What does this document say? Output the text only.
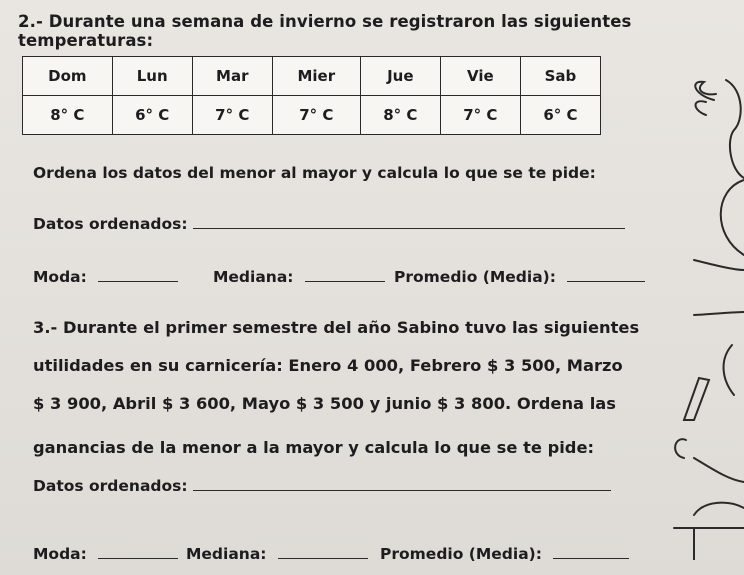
2.- Durante una semana de invierno se registraron las siguientes temperaturas:
Dom	Lun	Mar	Mier	Jue	Vie	Sab
8° C	6° C	7° C	7° C	8° C	7° C	6° C
Ordena los datos del menor al mayor y calcula lo que se te pide:
Datos ordenados:
Moda:	Mediana:	Promedio (Media):
3.- Durante el primer semestre del año Sabino tuvo las siguientes
utilidades en su carnicería: Enero 4 000, Febrero $ 3 500, Marzo
$ 3 900, Abril $ 3 600, Mayo $ 3 500 y junio $ 3 800. Ordena las
ganancias de la menor a la mayor y calcula lo que se te pide:
Datos ordenados:
Moda:	Mediana:	Promedio (Media):
